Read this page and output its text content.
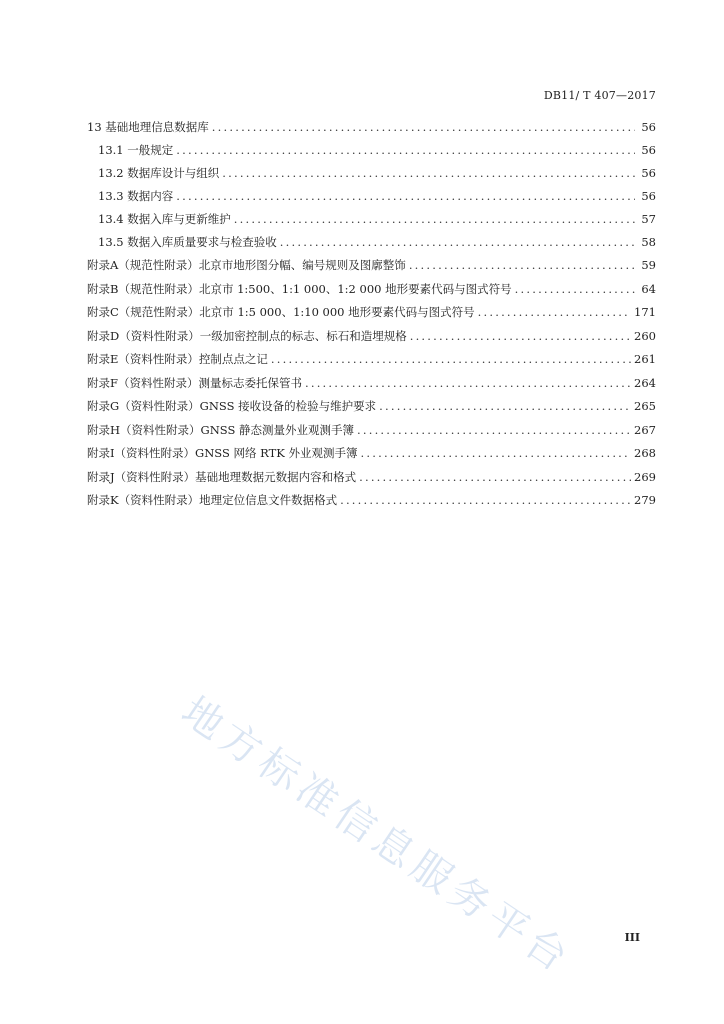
DB11/ T 407—2017
13 基础地理信息数据库 .....	56
13.1 一般规定 .....	56
13.2 数据库设计与组织 .....	56
13.3 数据内容 .....	56
13.4 数据入库与更新维护 .....	57
13.5 数据入库质量要求与检查验收 .....	58
附录A（规范性附录）北京市地形图分幅、编号规则及图廓整饰 .....	59
附录B（规范性附录）北京市 1:500、1:1 000、1:2 000 地形要素代码与图式符号 .....	64
附录C（规范性附录）北京市 1:5 000、1:10 000 地形要素代码与图式符号 .....	171
附录D（资料性附录）一级加密控制点的标志、标石和造埋规格 .....	260
附录E（资料性附录）控制点点之记 .....	261
附录F（资料性附录）测量标志委托保管书 .....	264
附录G（资料性附录）GNSS 接收设备的检验与维护要求 .....	265
附录H（资料性附录）GNSS 静态测量外业观测手簿 .....	267
附录I（资料性附录）GNSS 网络 RTK 外业观测手簿 .....	268
附录J（资料性附录）基础地理数据元数据内容和格式 .....	269
附录K（资料性附录）地理定位信息文件数据格式 .....	279
地方标准信息服务平台	III
